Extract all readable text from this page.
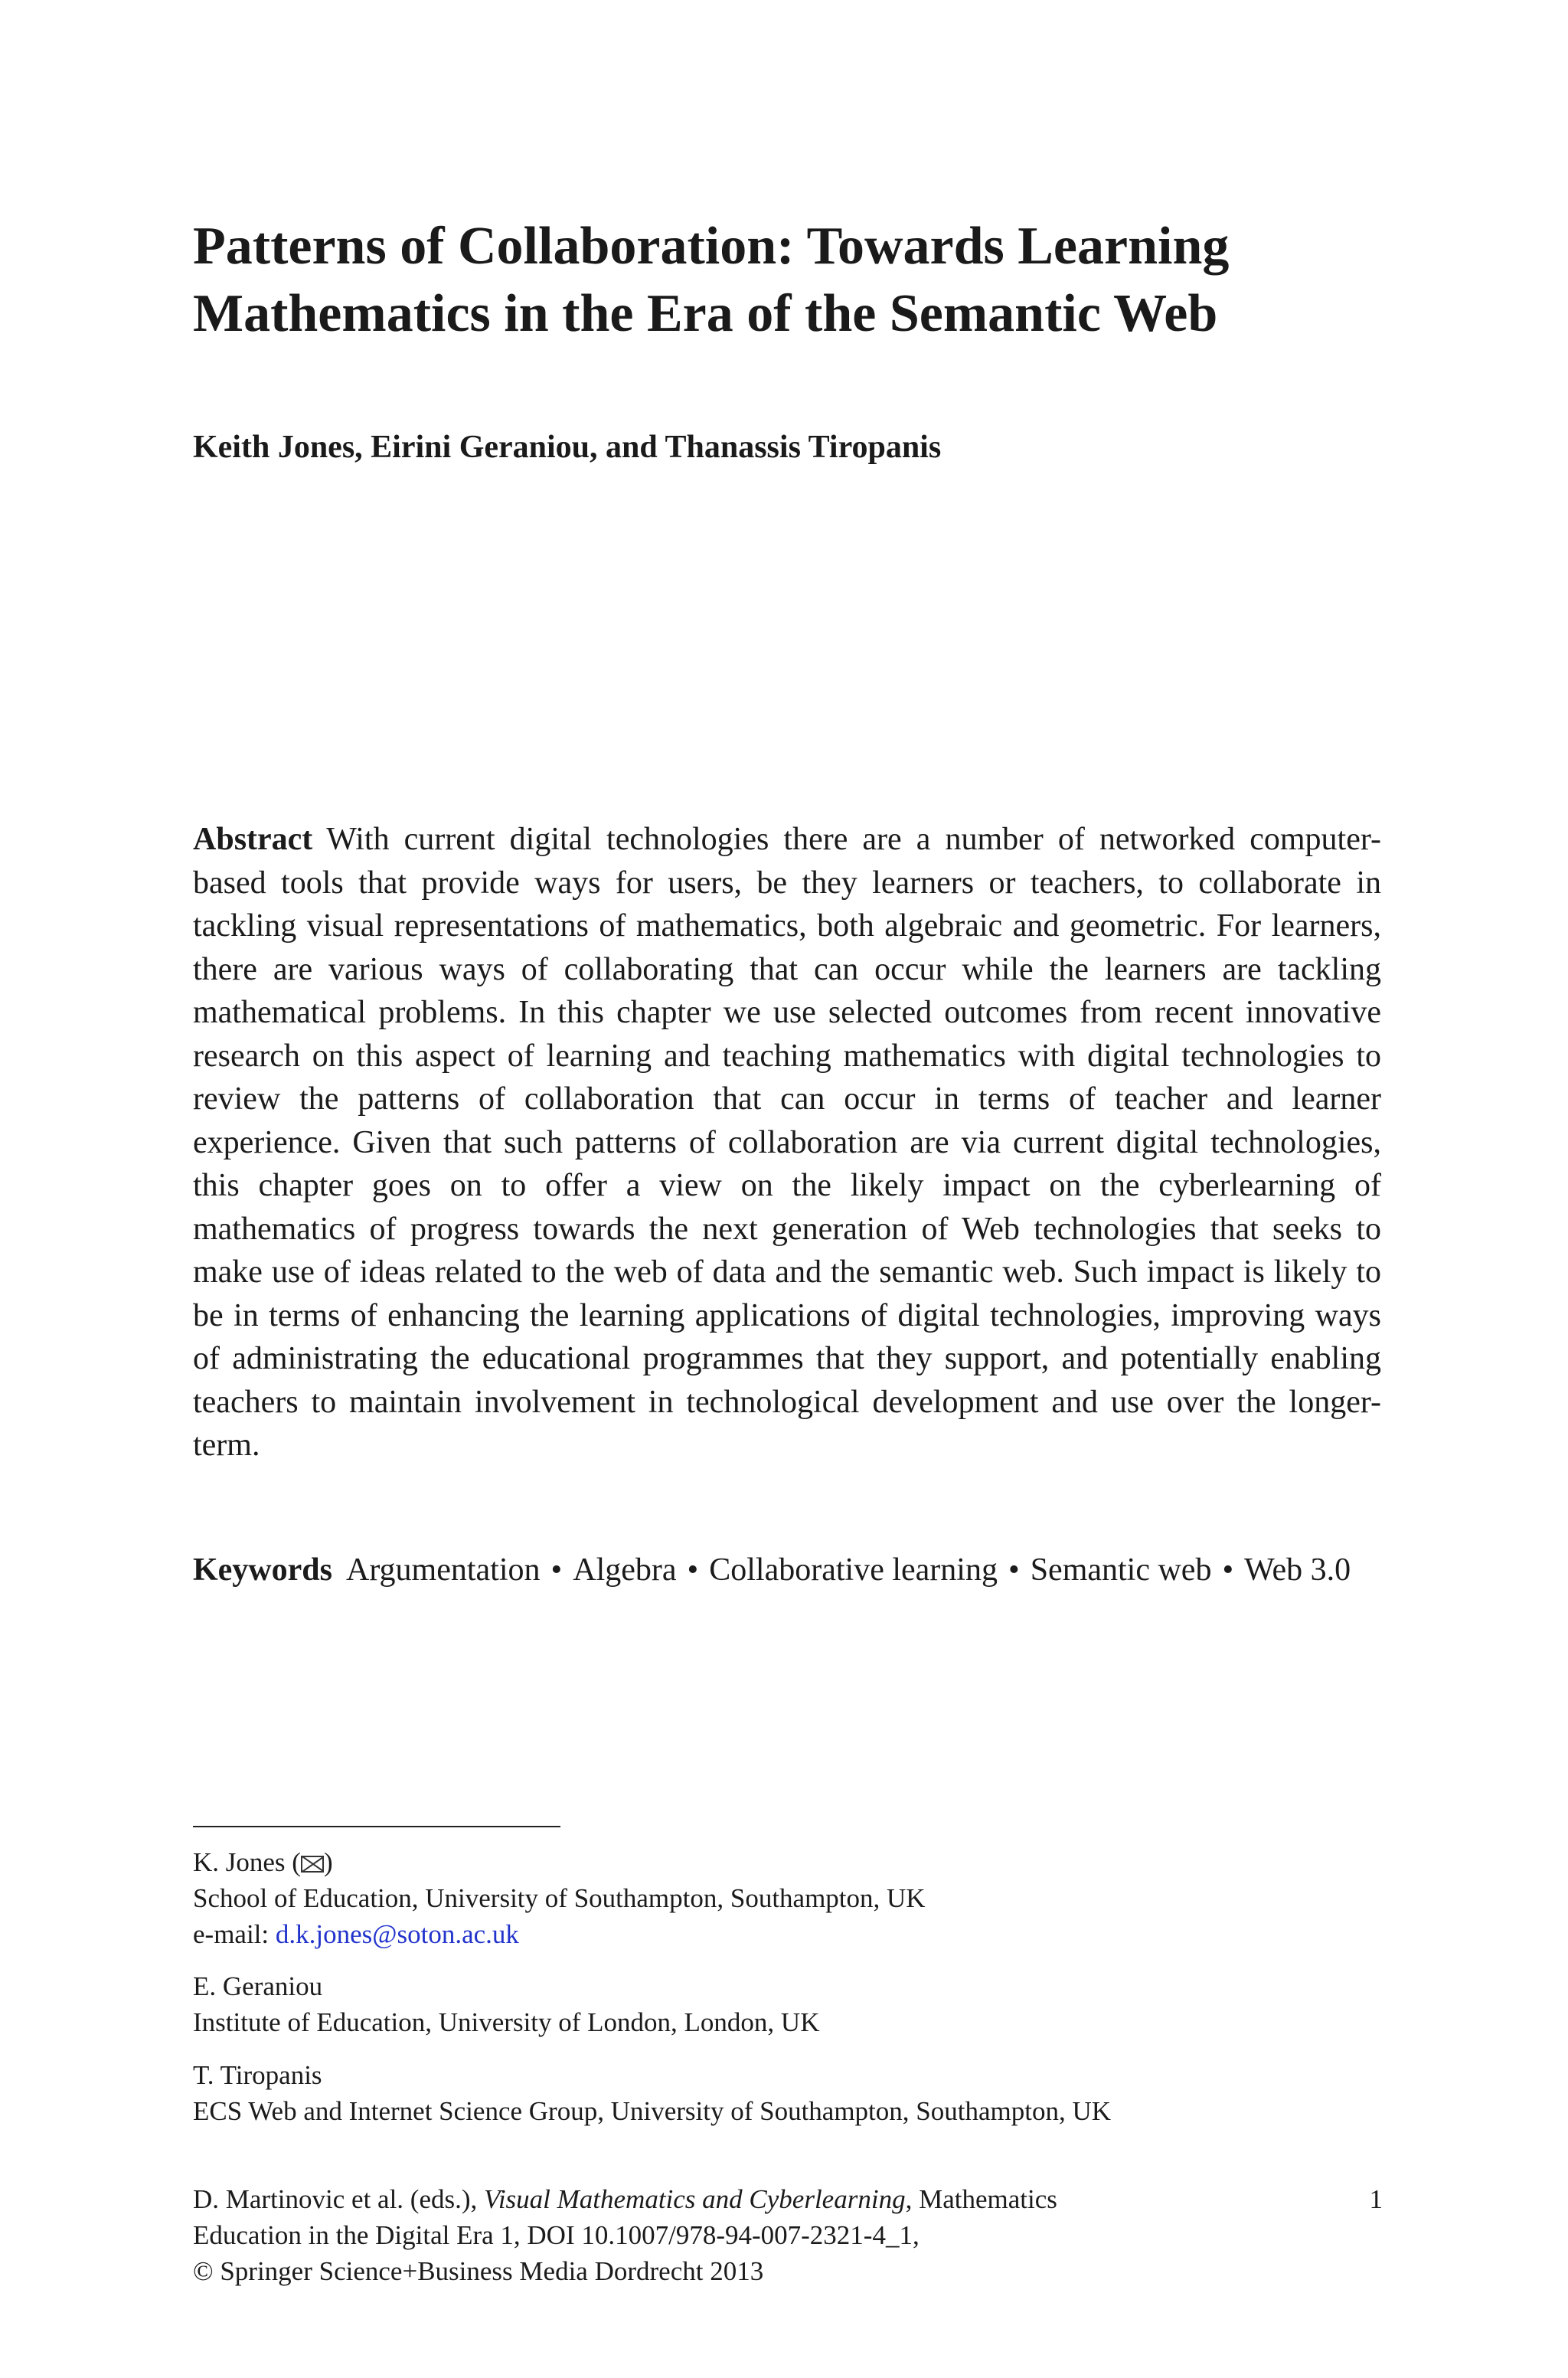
Patterns of Collaboration: Towards Learning
Mathematics in the Era of the Semantic Web

Keith Jones, Eirini Geraniou, and Thanassis Tiropanis

Abstract With current digital technologies there are a number of networked computer-based tools that provide ways for users, be they learners or teachers, to collaborate in tackling visual representations of mathematics, both algebraic and geometric. For learners, there are various ways of collaborating that can occur while the learners are tackling mathematical problems. In this chapter we use selected outcomes from recent innovative research on this aspect of learning and teaching mathematics with digital technologies to review the patterns of collaboration that can occur in terms of teacher and learner experience. Given that such patterns of collaboration are via current digital technologies, this chapter goes on to offer a view on the likely impact on the cyberlearning of mathematics of progress towards the next generation of Web technologies that seeks to make use of ideas related to the web of data and the semantic web. Such impact is likely to be in terms of enhancing the learning applications of digital technologies, improving ways of administrating the educational programmes that they support, and potentially enabling teachers to maintain involvement in technological development and use over the longer-term.
Keywords Argumentation • Algebra • Collaborative learning • Semantic web • Web 3.0
K. Jones ( )
School of Education, University of Southampton, Southampton, UK
e-mail: d.k.jones@soton.ac.uk
E. Geraniou
Institute of Education, University of London, London, UK
T. Tiropanis
ECS Web and Internet Science Group, University of Southampton, Southampton, UK
D. Martinovic et al. (eds.), Visual Mathematics and Cyberlearning, Mathematics
Education in the Digital Era 1, DOI 10.1007/978-94-007-2321-4_1,
© Springer Science+Business Media Dordrecht 2013
1
